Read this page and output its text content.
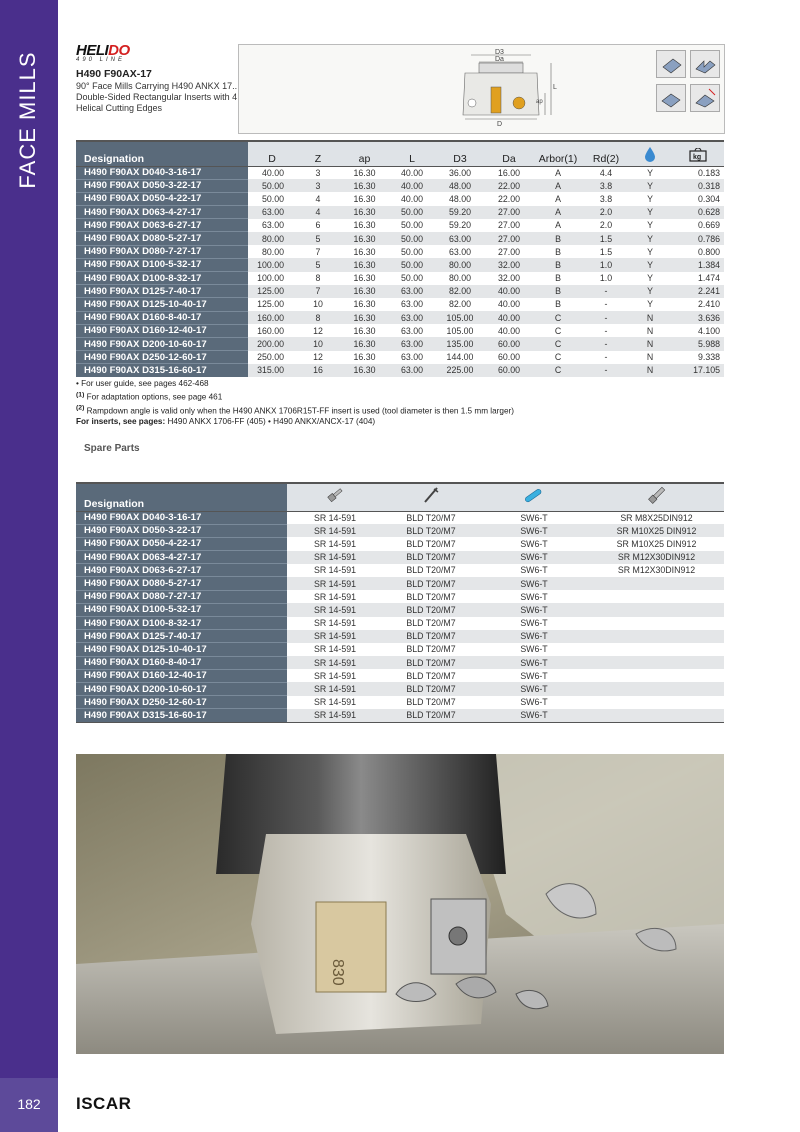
FACE MILLS
182	ISCAR
HELIDO
490 LINE
H490 F90AX-17
90° Face Mills Carrying H490 ANKX 17.. Double-Sided Rectangular Inserts with 4 Helical Cutting Edges
D3
Da
L
ap
D
Designation	D	Z	ap	L	D3	Da	Arbor(1)	Rd(2)		kg

H490 F90AX D040-3-16-17	40.00	3	16.30	40.00	36.00	16.00	A	4.4	Y	0.183
H490 F90AX D050-3-22-17	50.00	3	16.30	40.00	48.00	22.00	A	3.8	Y	0.318
H490 F90AX D050-4-22-17	50.00	4	16.30	40.00	48.00	22.00	A	3.8	Y	0.304
H490 F90AX D063-4-27-17	63.00	4	16.30	50.00	59.20	27.00	A	2.0	Y	0.628
H490 F90AX D063-6-27-17	63.00	6	16.30	50.00	59.20	27.00	A	2.0	Y	0.669
H490 F90AX D080-5-27-17	80.00	5	16.30	50.00	63.00	27.00	B	1.5	Y	0.786
H490 F90AX D080-7-27-17	80.00	7	16.30	50.00	63.00	27.00	B	1.5	Y	0.800
H490 F90AX D100-5-32-17	100.00	5	16.30	50.00	80.00	32.00	B	1.0	Y	1.384
H490 F90AX D100-8-32-17	100.00	8	16.30	50.00	80.00	32.00	B	1.0	Y	1.474
H490 F90AX D125-7-40-17	125.00	7	16.30	63.00	82.00	40.00	B	-	Y	2.241
H490 F90AX D125-10-40-17	125.00	10	16.30	63.00	82.00	40.00	B	-	Y	2.410
H490 F90AX D160-8-40-17	160.00	8	16.30	63.00	105.00	40.00	C	-	N	3.636
H490 F90AX D160-12-40-17	160.00	12	16.30	63.00	105.00	40.00	C	-	N	4.100
H490 F90AX D200-10-60-17	200.00	10	16.30	63.00	135.00	60.00	C	-	N	5.988
H490 F90AX D250-12-60-17	250.00	12	16.30	63.00	144.00	60.00	C	-	N	9.338
H490 F90AX D315-16-60-17	315.00	16	16.30	63.00	225.00	60.00	C	-	N	17.105
• For user guide, see pages 462-468
$^{(1)}$ For adaptation options, see page 461
$^{(2)}$ Rampdown angle is valid only when the H490 ANKX 1706R15T-FF insert is used (tool diameter is then 1.5 mm larger)
For inserts, see pages: H490 ANKX 1706-FF (405) • H490 ANKX/ANCX-17 (404)
Spare Parts
Designation				
H490 F90AX D040-3-16-17	SR 14-591	BLD T20/M7	SW6-T	SR M8X25DIN912
H490 F90AX D050-3-22-17	SR 14-591	BLD T20/M7	SW6-T	SR M10X25 DIN912
H490 F90AX D050-4-22-17	SR 14-591	BLD T20/M7	SW6-T	SR M10X25 DIN912
H490 F90AX D063-4-27-17	SR 14-591	BLD T20/M7	SW6-T	SR M12X30DIN912
H490 F90AX D063-6-27-17	SR 14-591	BLD T20/M7	SW6-T	SR M12X30DIN912
H490 F90AX D080-5-27-17	SR 14-591	BLD T20/M7	SW6-T	
H490 F90AX D080-7-27-17	SR 14-591	BLD T20/M7	SW6-T	
H490 F90AX D100-5-32-17	SR 14-591	BLD T20/M7	SW6-T	
H490 F90AX D100-8-32-17	SR 14-591	BLD T20/M7	SW6-T	
H490 F90AX D125-7-40-17	SR 14-591	BLD T20/M7	SW6-T	
H490 F90AX D125-10-40-17	SR 14-591	BLD T20/M7	SW6-T	
H490 F90AX D160-8-40-17	SR 14-591	BLD T20/M7	SW6-T	
H490 F90AX D160-12-40-17	SR 14-591	BLD T20/M7	SW6-T	
H490 F90AX D200-10-60-17	SR 14-591	BLD T20/M7	SW6-T	
H490 F90AX D250-12-60-17	SR 14-591	BLD T20/M7	SW6-T	
H490 F90AX D315-16-60-17	SR 14-591	BLD T20/M7	SW6-T	
830
